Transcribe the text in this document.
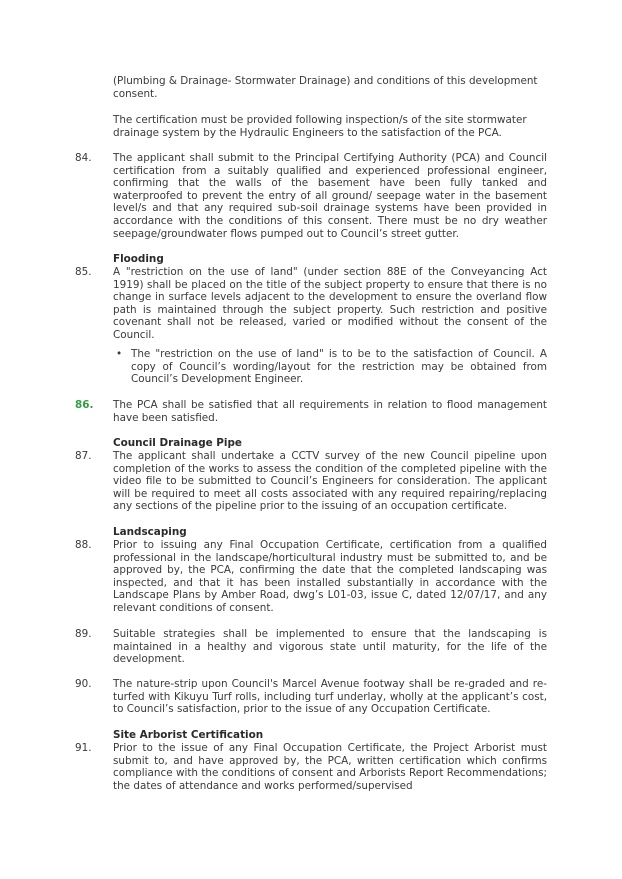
(Plumbing & Drainage- Stormwater Drainage) and conditions of this development consent.
The certification must be provided following inspection/s of the site stormwater drainage system by the Hydraulic Engineers to the satisfaction of the PCA.
84. The applicant shall submit to the Principal Certifying Authority (PCA) and Council certification from a suitably qualified and experienced professional engineer, confirming that the walls of the basement have been fully tanked and waterproofed to prevent the entry of all ground/ seepage water in the basement level/s and that any required sub-soil drainage systems have been provided in accordance with the conditions of this consent. There must be no dry weather seepage/groundwater flows pumped out to Council’s street gutter.
Flooding
85. A "restriction on the use of land" (under section 88E of the Conveyancing Act 1919) shall be placed on the title of the subject property to ensure that there is no change in surface levels adjacent to the development to ensure the overland flow path is maintained through the subject property. Such restriction and positive covenant shall not be released, varied or modified without the consent of the Council.
• The "restriction on the use of land" is to be to the satisfaction of Council. A copy of Council’s wording/layout for the restriction may be obtained from Council’s Development Engineer.
86. The PCA shall be satisfied that all requirements in relation to flood management have been satisfied.
Council Drainage Pipe
87. The applicant shall undertake a CCTV survey of the new Council pipeline upon completion of the works to assess the condition of the completed pipeline with the video file to be submitted to Council’s Engineers for consideration. The applicant will be required to meet all costs associated with any required repairing/replacing any sections of the pipeline prior to the issuing of an occupation certificate.
Landscaping
88. Prior to issuing any Final Occupation Certificate, certification from a qualified professional in the landscape/horticultural industry must be submitted to, and be approved by, the PCA, confirming the date that the completed landscaping was inspected, and that it has been installed substantially in accordance with the Landscape Plans by Amber Road, dwg’s L01-03, issue C, dated 12/07/17, and any relevant conditions of consent.
89. Suitable strategies shall be implemented to ensure that the landscaping is maintained in a healthy and vigorous state until maturity, for the life of the development.
90. The nature-strip upon Council's Marcel Avenue footway shall be re-graded and re-turfed with Kikuyu Turf rolls, including turf underlay, wholly at the applicant’s cost, to Council’s satisfaction, prior to the issue of any Occupation Certificate.
Site Arborist Certification
91. Prior to the issue of any Final Occupation Certificate, the Project Arborist must submit to, and have approved by, the PCA, written certification which confirms compliance with the conditions of consent and Arborists Report Recommendations; the dates of attendance and works performed/supervised
